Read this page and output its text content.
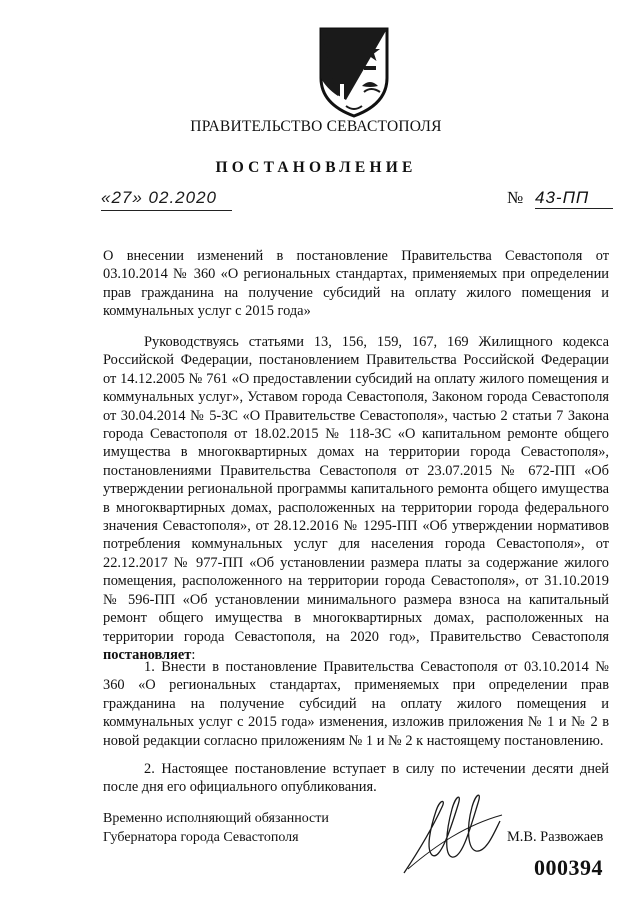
ПРАВИТЕЛЬСТВО СЕВАСТОПОЛЯ
ПОСТАНОВЛЕНИЕ
«27» 02.2020	№ 43-ПП
О внесении изменений в постановление Правительства Севастополя от 03.10.2014 № 360 «О региональных стандартах, применяемых при определении прав гражданина на получение субсидий на оплату жилого помещения и коммунальных услуг с 2015 года»
Руководствуясь статьями 13, 156, 159, 167, 169 Жилищного кодекса Российской Федерации, постановлением Правительства Российской Федерации от 14.12.2005 № 761 «О предоставлении субсидий на оплату жилого помещения и коммунальных услуг», Уставом города Севастополя, Законом города Севастополя от 30.04.2014 № 5-ЗС «О Правительстве Севастополя», частью 2 статьи 7 Закона города Севастополя от 18.02.2015 № 118-ЗС «О капитальном ремонте общего имущества в многоквартирных домах на территории города Севастополя», постановлениями Правительства Севастополя от 23.07.2015 № 672-ПП «Об утверждении региональной программы капитального ремонта общего имущества в многоквартирных домах, расположенных на территории города федерального значения Севастополя», от 28.12.2016 № 1295-ПП «Об утверждении нормативов потребления коммунальных услуг для населения города Севастополя», от 22.12.2017 № 977-ПП «Об установлении размера платы за содержание жилого помещения, расположенного на территории города Севастополя», от 31.10.2019 № 596-ПП «Об установлении минимального размера взноса на капитальный ремонт общего имущества в многоквартирных домах, расположенных на территории города Севастополя, на 2020 год», Правительство Севастополя постановляет:
1. Внести в постановление Правительства Севастополя от 03.10.2014 № 360 «О региональных стандартах, применяемых при определении прав гражданина на получение субсидий на оплату жилого помещения и коммунальных услуг с 2015 года» изменения, изложив приложения № 1 и № 2 в новой редакции согласно приложениям № 1 и № 2 к настоящему постановлению.
2. Настоящее постановление вступает в силу по истечении десяти дней после дня его официального опубликования.
Временно исполняющий обязанности
Губернатора города Севастополя	М.В. Развожаев
000394
